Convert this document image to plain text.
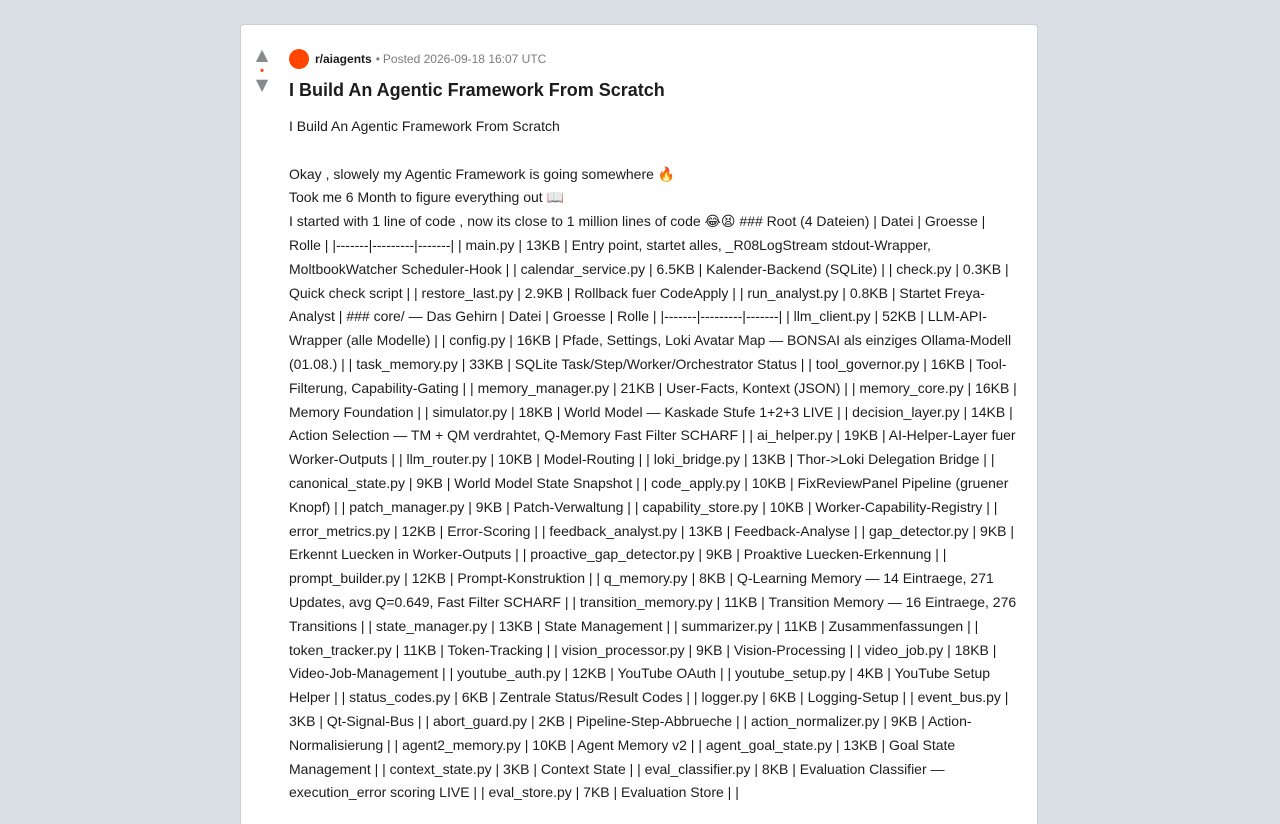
▲
•
▼
r/aiagents • Posted 2026-09-18 16:07 UTC
I Build An Agentic Framework From Scratch
I Build An Agentic Framework From Scratch

Okay , slowely my Agentic Framework is going somewhere 🔥
Took me 6 Month to figure everything out 📖
I started with 1 line of code , now its close to 1 million lines of code 😂😫 ### Root (4 Dateien) | Datei | Groesse | Rolle | |-------|---------|-------| | main.py | 13KB | Entry point, startet alles, _R08LogStream stdout-Wrapper, MoltbookWatcher Scheduler-Hook | | calendar_service.py | 6.5KB | Kalender-Backend (SQLite) | | check.py | 0.3KB | Quick check script | | restore_last.py | 2.9KB | Rollback fuer CodeApply | | run_analyst.py | 0.8KB | Startet Freya-Analyst | ### core/ — Das Gehirn | Datei | Groesse | Rolle | |-------|---------|-------| | llm_client.py | 52KB | LLM-API-Wrapper (alle Modelle) | | config.py | 16KB | Pfade, Settings, Loki Avatar Map — BONSAI als einziges Ollama-Modell (01.08.) | | task_memory.py | 33KB | SQLite Task/Step/Worker/Orchestrator Status | | tool_governor.py | 16KB | Tool-Filterung, Capability-Gating | | memory_manager.py | 21KB | User-Facts, Kontext (JSON) | | memory_core.py | 16KB | Memory Foundation | | simulator.py | 18KB | World Model — Kaskade Stufe 1+2+3 LIVE | | decision_layer.py | 14KB | Action Selection — TM + QM verdrahtet, Q-Memory Fast Filter SCHARF | | ai_helper.py | 19KB | AI-Helper-Layer fuer Worker-Outputs | | llm_router.py | 10KB | Model-Routing | | loki_bridge.py | 13KB | Thor->Loki Delegation Bridge | | canonical_state.py | 9KB | World Model State Snapshot | | code_apply.py | 10KB | FixReviewPanel Pipeline (gruener Knopf) | | patch_manager.py | 9KB | Patch-Verwaltung | | capability_store.py | 10KB | Worker-Capability-Registry | | error_metrics.py | 12KB | Error-Scoring | | feedback_analyst.py | 13KB | Feedback-Analyse | | gap_detector.py | 9KB | Erkennt Luecken in Worker-Outputs | | proactive_gap_detector.py | 9KB | Proaktive Luecken-Erkennung | | prompt_builder.py | 12KB | Prompt-Konstruktion | | q_memory.py | 8KB | Q-Learning Memory — 14 Eintraege, 271 Updates, avg Q=0.649, Fast Filter SCHARF | | transition_memory.py | 11KB | Transition Memory — 16 Eintraege, 276 Transitions | | state_manager.py | 13KB | State Management | | summarizer.py | 11KB | Zusammenfassungen | | token_tracker.py | 11KB | Token-Tracking | | vision_processor.py | 9KB | Vision-Processing | | video_job.py | 18KB | Video-Job-Management | | youtube_auth.py | 12KB | YouTube OAuth | | youtube_setup.py | 4KB | YouTube Setup Helper | | status_codes.py | 6KB | Zentrale Status/Result Codes | | logger.py | 6KB | Logging-Setup | | event_bus.py | 3KB | Qt-Signal-Bus | | abort_guard.py | 2KB | Pipeline-Step-Abbrueche | | action_normalizer.py | 9KB | Action-Normalisierung | | agent2_memory.py | 10KB | Agent Memory v2 | | agent_goal_state.py | 13KB | Goal State Management | | context_state.py | 3KB | Context State | | eval_classifier.py | 8KB | Evaluation Classifier — execution_error scoring LIVE | | eval_store.py | 7KB | Evaluation Store | |
